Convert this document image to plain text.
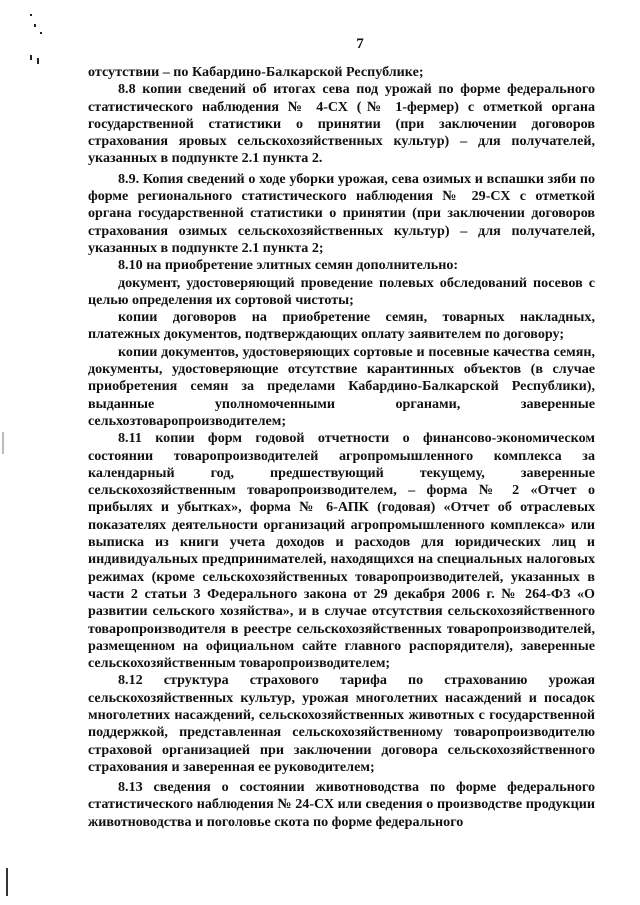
7

отсутствии – по Кабардино-Балкарской Республике;

8.8 копии сведений об итогах сева под урожай по форме федерального статистического наблюдения № 4-СХ (№ 1-фермер) с отметкой органа государственной статистики о принятии (при заключении договоров страхования яровых сельскохозяйственных культур) – для получателей, указанных в подпункте 2.1 пункта 2.

8.9. Копия сведений о ходе уборки урожая, сева озимых и вспашки зяби по форме регионального статистического наблюдения № 29-СХ с отметкой органа государственной статистики о принятии (при заключении договоров страхования озимых сельскохозяйственных культур) – для получателей, указанных в подпункте 2.1 пункта 2;

8.10 на приобретение элитных семян дополнительно:

документ, удостоверяющий проведение полевых обследований посевов с целью определения их сортовой чистоты;

копии договоров на приобретение семян, товарных накладных, платежных документов, подтверждающих оплату заявителем по договору;

копии документов, удостоверяющих сортовые и посевные качества семян, документы, удостоверяющие отсутствие карантинных объектов (в случае приобретения семян за пределами Кабардино-Балкарской Республики), выданные уполномоченными органами, заверенные сельхозтоваропроизводителем;

8.11 копии форм годовой отчетности о финансово-экономическом состоянии товаропроизводителей агропромышленного комплекса за календарный год, предшествующий текущему, заверенные сельскохозяйственным товаропроизводителем, – форма № 2 «Отчет о прибылях и убытках», форма № 6-АПК (годовая) «Отчет об отраслевых показателях деятельности организаций агропромышленного комплекса» или выписка из книги учета доходов и расходов для юридических лиц и индивидуальных предпринимателей, находящихся на специальных налоговых режимах (кроме сельскохозяйственных товаропроизводителей, указанных в части 2 статьи 3 Федерального закона от 29 декабря 2006 г. № 264-ФЗ «О развитии сельского хозяйства», и в случае отсутствия сельскохозяйственного товаропроизводителя в реестре сельскохозяйственных товаропроизводителей, размещенном на официальном сайте главного распорядителя), заверенные сельскохозяйственным товаропроизводителем;

8.12 структура страхового тарифа по страхованию урожая сельскохозяйственных культур, урожая многолетних насаждений и посадок многолетних насаждений, сельскохозяйственных животных с государственной поддержкой, представленная сельскохозяйственному товаропроизводителю страховой организацией при заключении договора сельскохозяйственного страхования и заверенная ее руководителем;

8.13 сведения о состоянии животноводства по форме федерального статистического наблюдения № 24-СХ или сведения о производстве продукции животноводства и поголовье скота по форме федерального
